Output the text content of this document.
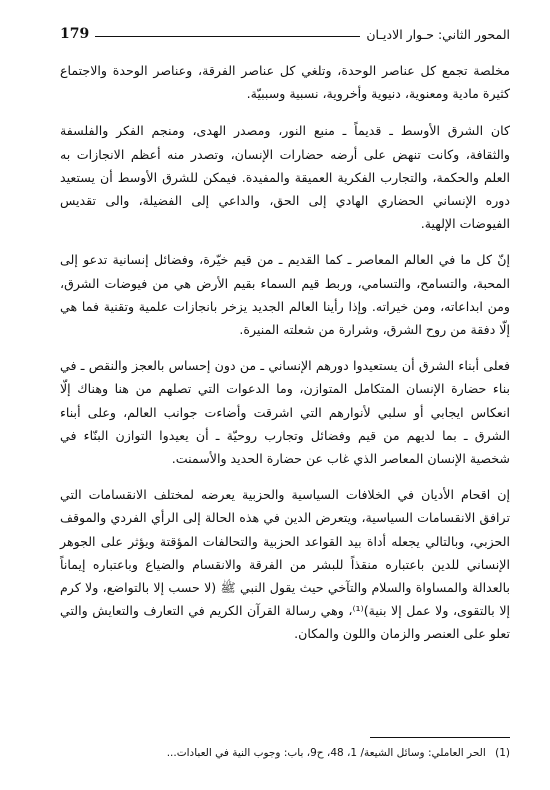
المحور الثاني: حـوار الاديـان
179

مخلصة تجمع كل عناصر الوحدة، وتلغي كل عناصر الفرقة، وعناصر الوحدة والاجتماع كثيرة مادية ومعنوية، دنيوية وأخروية، نسبية وسببيّة.

كان الشرق الأوسط ـ قديماً ـ منبع النور، ومصدر الهدى، ومنجم الفكر والفلسفة والثقافة، وكانت تنهض على أرضه حضارات الإنسان، وتصدر منه أعظم الانجازات به العلم والحكمة، والتجارب الفكرية العميقة والمفيدة. فيمكن للشرق الأوسط أن يستعيد دوره الإنساني الحضاري الهادي إلى الحق، والداعي إلى الفضيلة، والى تقديس الفيوضات الإلهية.

إنّ كل ما في العالم المعاصر ـ كما القديم ـ من قيم خيّرة، وفضائل إنسانية تدعو إلى المحبة، والتسامح، والتسامي، وربط قيم السماء بقيم الأرض هي من فيوضات الشرق، ومن ابداعاته، ومن خيراته. وإذا رأينا العالم الجديد يزخر بانجازات علمية وتقنية فما هي إلّا دفقة من روح الشرق، وشرارة من شعلته المنيرة.

فعلى أبناء الشرق أن يستعيدوا دورهم الإنساني ـ من دون إحساس بالعجز والنقص ـ في بناء حضارة الإنسان المتكامل المتوازن، وما الدعوات التي تصلهم من هنا وهناك إلّا انعكاس ايجابي أو سلبي لأنوارهم التي اشرقت وأضاءت جوانب العالم، وعلى أبناء الشرق ـ بما لديهم من قيم وفضائل وتجارب روحيّة ـ أن يعيدوا التوازن البنّاء في شخصية الإنسان المعاصر الذي غاب عن حضارة الحديد والأسمنت.

إن اقحام الأديان في الخلافات السياسية والحزبية يعرضه لمختلف الانقسامات التي ترافق الانقسامات السياسية، ويتعرض الدين في هذه الحالة إلى الرأي الفردي والموقف الحزبي، وبالتالي يجعله أداة بيد القواعد الحزبية والتحالفات المؤقتة ويؤثر على الجوهر الإنساني للدين باعتباره منقذاً للبشر من الفرقة والانقسام والضياع وباعتباره إيماناً بالعدالة والمساواة والسلام والتآخي حيث يقول النبي ﷺ (لا حسب إلا بالتواضع، ولا كرم إلا بالتقوى، ولا عمل إلا بنية)⁽¹⁾، وهي رسالة القرآن الكريم في التعارف والتعايش والتي تعلو على العنصر والزمان واللون والمكان.

(1) الحر العاملي: وسائل الشيعة/ 1، 48، ح9، باب: وجوب النية في العبادات...
